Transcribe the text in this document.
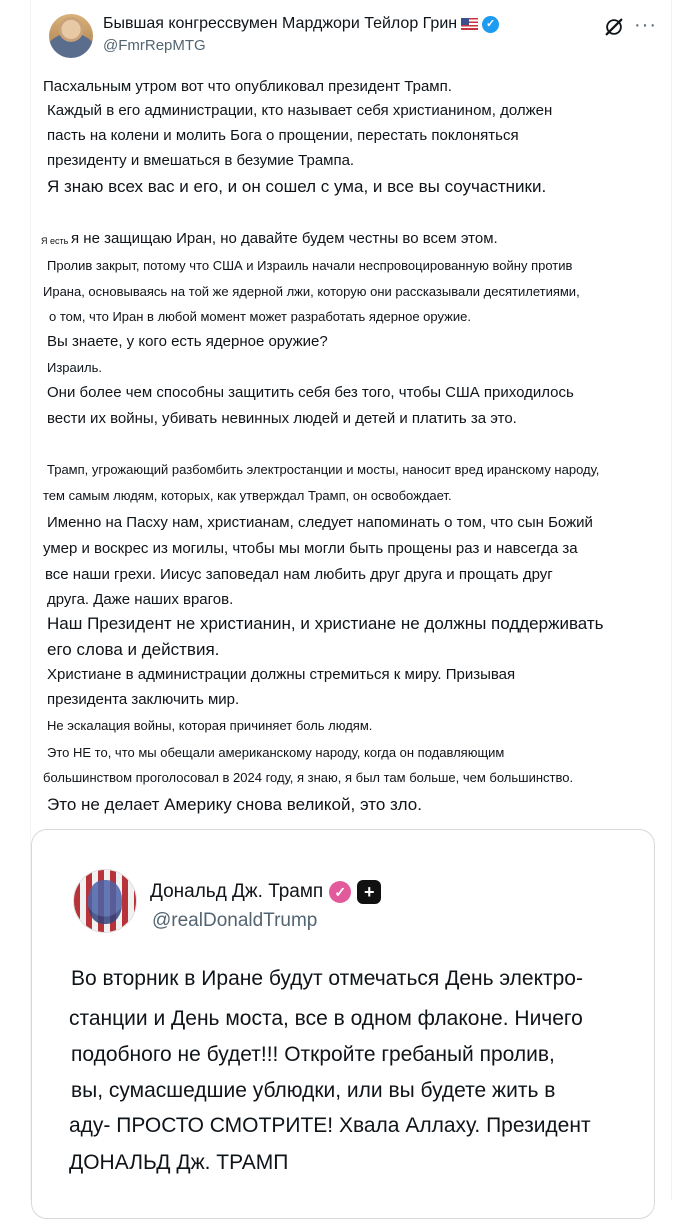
Бывшая конгрессвумен Марджори Тейлор Грин	✓
@FmrRepMTG
···
Пасхальным утром вот что опубликовал президент Трамп.
Каждый в его администрации, кто называет себя христианином, должен
пасть на колени и молить Бога о прощении, перестать поклоняться
президенту и вмешаться в безумие Трампа.
Я знаю всех вас и его, и он сошел с ума, и все вы соучастники.
Я есть я не защищаю Иран, но давайте будем честны во всем этом.
Пролив закрыт, потому что США и Израиль начали неспровоцированную войну против
Ирана, основываясь на той же ядерной лжи, которую они рассказывали десятилетиями,
о том, что Иран в любой момент может разработать ядерное оружие.
Вы знаете, у кого есть ядерное оружие?
Израиль.
Они более чем способны защитить себя без того, чтобы США приходилось
вести их войны, убивать невинных людей и детей и платить за это.
Трамп, угрожающий разбомбить электростанции и мосты, наносит вред иранскому народу,
тем самым людям, которых, как утверждал Трамп, он освобождает.
Именно на Пасху нам, христианам, следует напоминать о том, что сын Божий
умер и воскрес из могилы, чтобы мы могли быть прощены раз и навсегда за
все наши грехи. Иисус заповедал нам любить друг друга и прощать друг
друга. Даже наших врагов.
Наш Президент не христианин, и христиане не должны поддерживать
его слова и действия.
Христиане в администрации должны стремиться к миру. Призывая
президента заключить мир.
Не эскалация войны, которая причиняет боль людям.
Это НЕ то, что мы обещали американскому народу, когда он подавляющим
большинством проголосовал в 2024 году, я знаю, я был там больше, чем большинство.
Это не делает Америку снова великой, это зло.
Дональд Дж. Трамп ✓ +
@realDonaldTrump
Во вторник в Иране будут отмечаться День электро-
станции и День моста, все в одном флаконе. Ничего
подобного не будет!!! Откройте гребаный пролив,
вы, сумасшедшие ублюдки, или вы будете жить в
аду- ПРОСТО СМОТРИТЕ! Хвала Аллаху. Президент
ДОНАЛЬД Дж. ТРАМП
